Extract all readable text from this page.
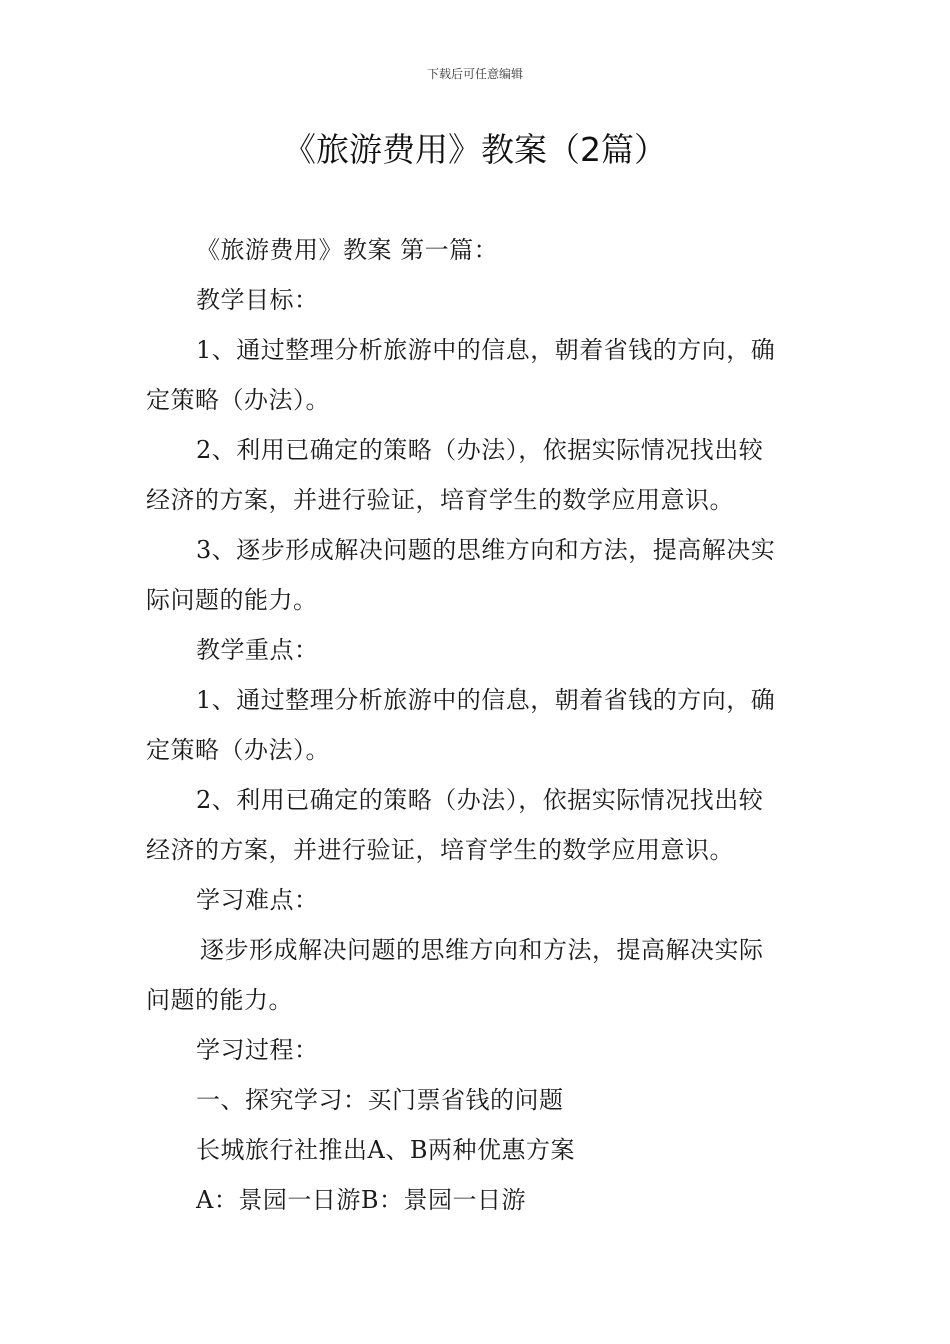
下载后可任意编辑
《旅游费用》教案（2篇）
《旅游费用》教案 第一篇：
教学目标：
1、通过整理分析旅游中的信息，朝着省钱的方向，确
定策略（办法）。
2、利用已确定的策略（办法），依据实际情况找出较
经济的方案，并进行验证，培育学生的数学应用意识。
3、逐步形成解决问题的思维方向和方法，提高解决实
际问题的能力。
教学重点：
1、通过整理分析旅游中的信息，朝着省钱的方向，确
定策略（办法）。
2、利用已确定的策略（办法），依据实际情况找出较
经济的方案，并进行验证，培育学生的数学应用意识。
学习难点：
逐步形成解决问题的思维方向和方法，提高解决实际
问题的能力。
学习过程：
一、探究学习：买门票省钱的问题
长城旅行社推出A、B两种优惠方案
A：景园一日游B：景园一日游
